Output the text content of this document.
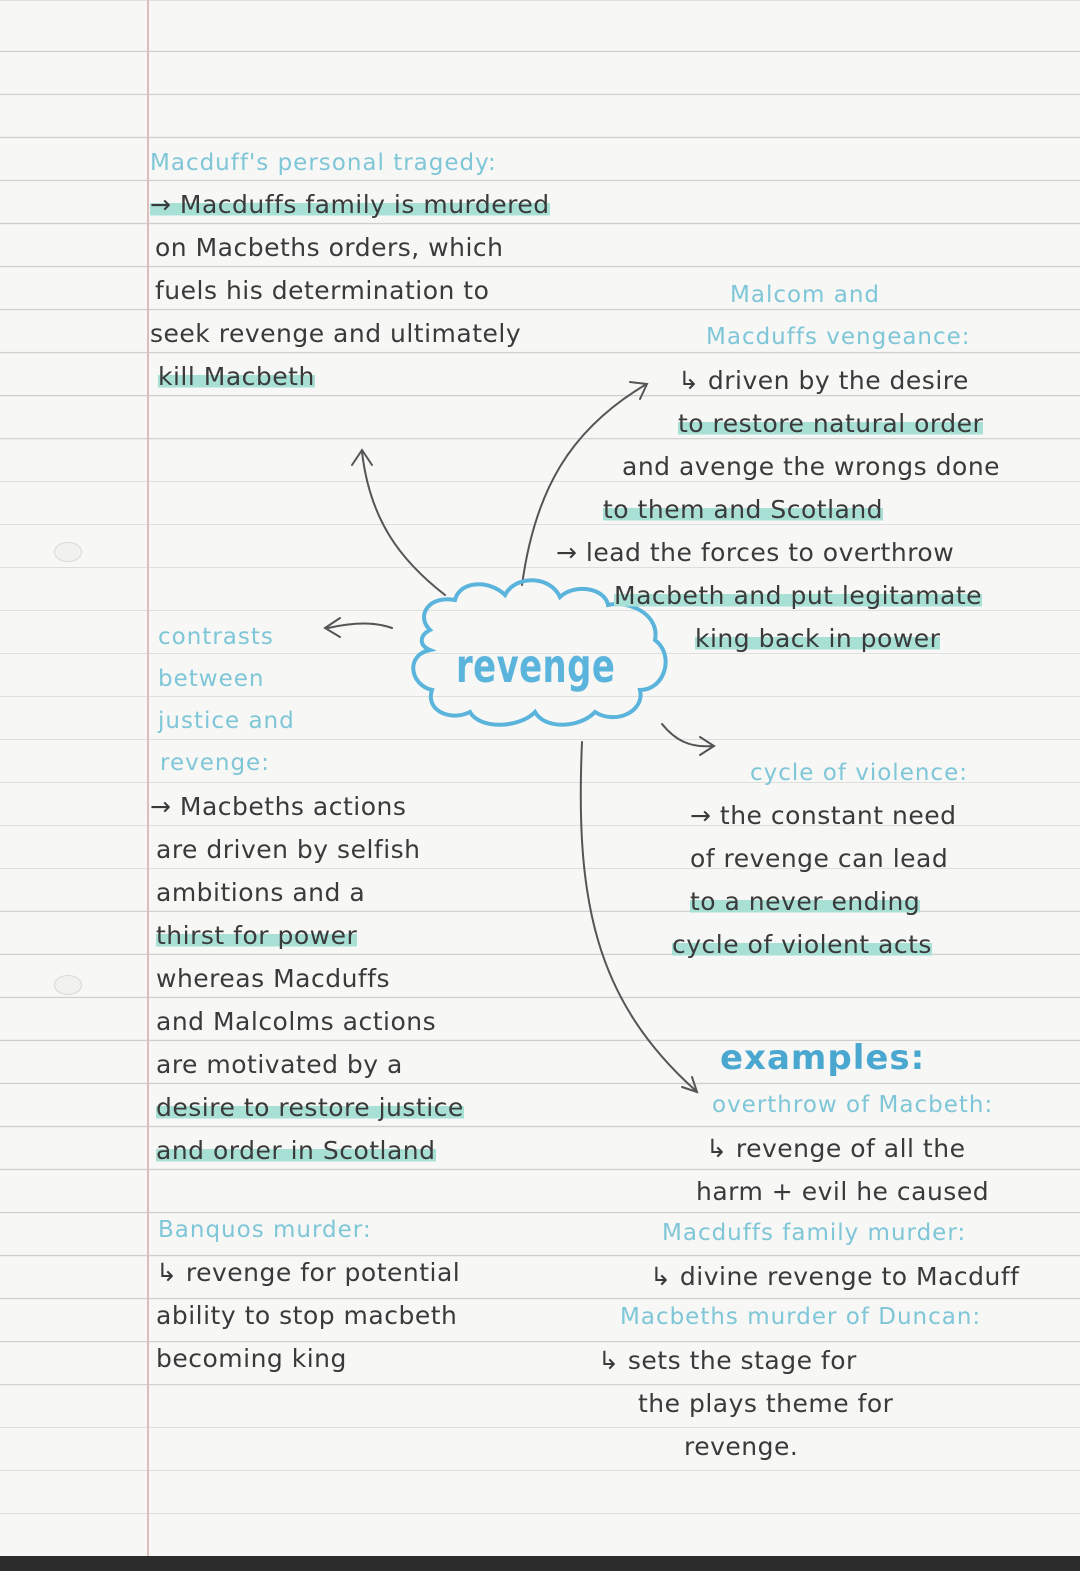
revenge
Macduff's personal tragedy:
→ Macduffs family is murdered
on Macbeths orders, which
fuels his determination to
seek revenge and ultimately
kill Macbeth
Malcom and
Macduffs vengeance:
↳ driven by the desire
to restore natural order
and avenge the wrongs done
to them and Scotland
→ lead the forces to overthrow
Macbeth and put legitamate
king back in power
contrasts
between
justice and
revenge:
→ Macbeths actions
are driven by selfish
ambitions and a
thirst for power
whereas Macduffs
and Malcolms actions
are motivated by a
desire to restore justice
and order in Scotland
cycle of violence:
→ the constant need
of revenge can lead
to a never ending
cycle of violent acts
Banquos murder:
↳ revenge for potential
ability to stop macbeth
becoming king
examples:
overthrow of Macbeth:
↳ revenge of all the
harm + evil he caused
Macduffs family murder:
↳ divine revenge to Macduff
Macbeths murder of Duncan:
↳ sets the stage for
the plays theme for
revenge.
